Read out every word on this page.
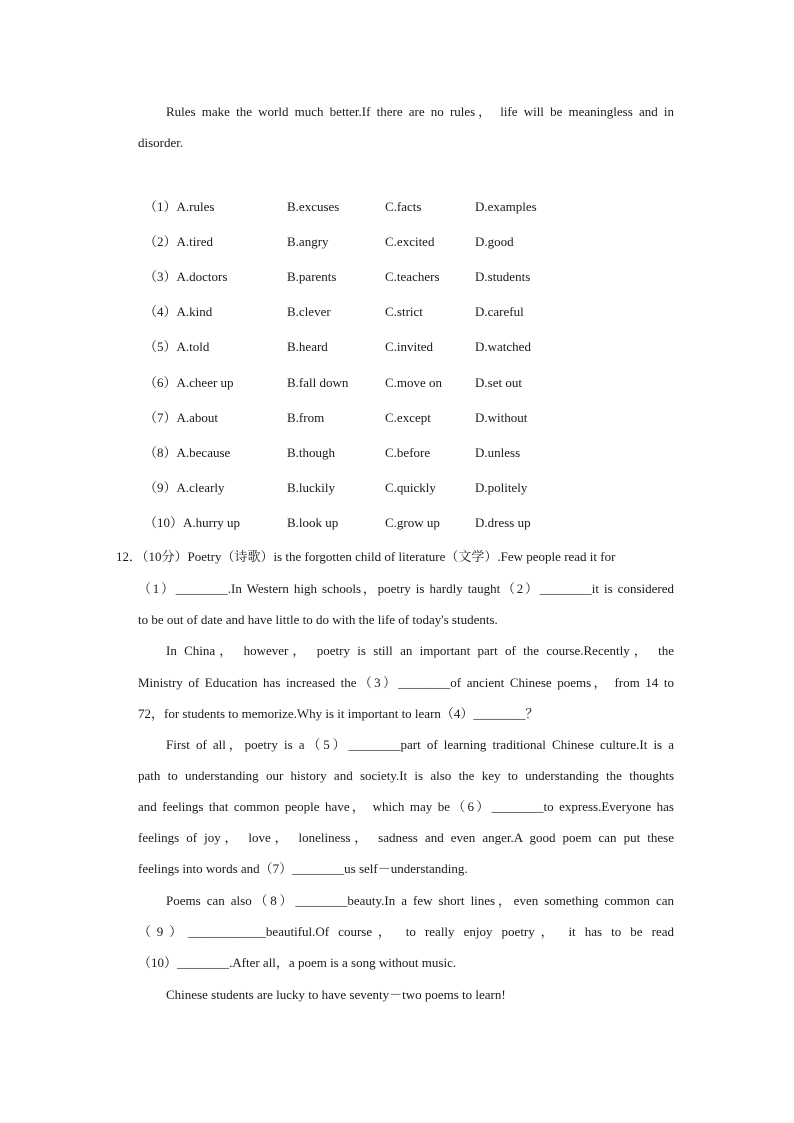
Rules make the world much better.If there are no rules， life will be meaningless and in
disorder.
（1）A.rules	B.excuses	C.facts	D.examples
（2）A.tired	B.angry	C.excited	D.good
（3）A.doctors	B.parents	C.teachers	D.students
（4）A.kind	B.clever	C.strict	D.careful
（5）A.told	B.heard	C.invited	D.watched
（6）A.cheer up	B.fall down	C.move on	D.set out
（7）A.about	B.from	C.except	D.without
（8）A.because	B.though	C.before	D.unless
（9）A.clearly	B.luckily	C.quickly	D.politely
（10）A.hurry up	B.look up	C.grow up	D.dress up
12．（10分）Poetry（诗歌）is the forgotten child of literature（文学）.Few people read it for
（1）________.In Western high schools，poetry is hardly taught（2）________it is considered
to be out of date and have little to do with the life of today's students.
In China， however， poetry is still an important part of the course.Recently， the
Ministry of Education has increased the（3）________of ancient Chinese poems， from 14 to
72，for students to memorize.Why is it important to learn（4）________？
First of all，poetry is a（5）________part of learning traditional Chinese culture.It is a
path to understanding our history and society.It is also the key to understanding the thoughts
and feelings that common people have， which may be（6）________to express.Everyone has
feelings of joy， love， loneliness， sadness and even anger.A good poem can put these
feelings into words and（7）________us self－understanding.
Poems can also（8）________beauty.In a few short lines，even something common can
（9）____________beautiful.Of course， to really enjoy poetry， it has to be read
（10）________.After all，a poem is a song without music.
Chinese students are lucky to have seventy－two poems to learn!
